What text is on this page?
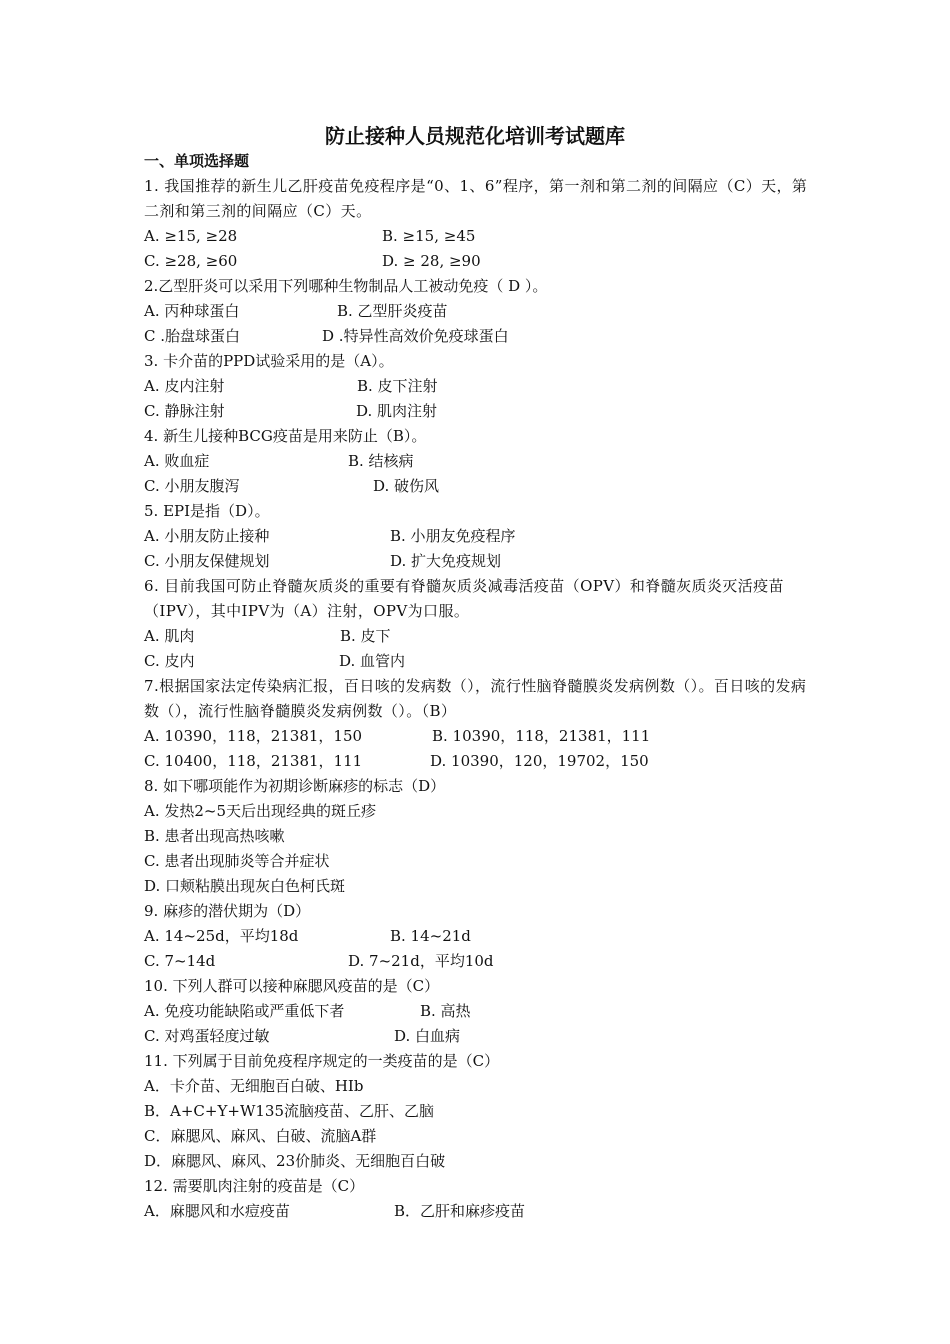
防止接种人员规范化培训考试题库
一、单项选择题
1. 我国推荐的新生儿乙肝疫苗免疫程序是“0、1、6”程序，第一剂和第二剂的间隔应（C）天，第二剂和第三剂的间隔应（C）天。
A. ≥15, ≥28	B. ≥15, ≥45
C. ≥28, ≥60	D. ≥ 28, ≥90
2.乙型肝炎可以采用下列哪种生物制品人工被动免疫（ D ）。
A. 丙种球蛋白	B. 乙型肝炎疫苗
C .胎盘球蛋白	D .特异性高效价免疫球蛋白
3. 卡介苗的PPD试验采用的是（A）。
A. 皮内注射	B. 皮下注射
C. 静脉注射	D. 肌肉注射
4. 新生儿接种BCG疫苗是用来防止（B）。
A. 败血症	B. 结核病
C. 小朋友腹泻	D. 破伤风
5. EPI是指（D）。
A. 小朋友防止接种	B. 小朋友免疫程序
C. 小朋友保健规划	D. 扩大免疫规划
6. 目前我国可防止脊髓灰质炎的重要有脊髓灰质炎减毒活疫苗（OPV）和脊髓灰质炎灭活疫苗（IPV），其中IPV为（A）注射，OPV为口服。
A. 肌肉	B. 皮下
C. 皮内	D. 血管内
7.根据国家法定传染病汇报，百日咳的发病数（），流行性脑脊髓膜炎发病例数（）。百日咳的发病数（），流行性脑脊髓膜炎发病例数（）。（B）
A. 10390，118，21381，150	B. 10390，118，21381，111
C. 10400，118，21381，111	D. 10390，120，19702，150
8. 如下哪项能作为初期诊断麻疹的标志（D）
A. 发热2~5天后出现经典的斑丘疹
B. 患者出现高热咳嗽
C. 患者出现肺炎等合并症状
D. 口颊粘膜出现灰白色柯氏斑
9. 麻疹的潜伏期为（D）
A. 14~25d，平均18d	B. 14~21d
C. 7~14d	D. 7~21d，平均10d
10. 下列人群可以接种麻腮风疫苗的是（C）
A. 免疫功能缺陷或严重低下者	B. 高热
C. 对鸡蛋轻度过敏	D. 白血病
11. 下列属于目前免疫程序规定的一类疫苗的是（C）
A．卡介苗、无细胞百白破、HIb
B．A+C+Y+W135流脑疫苗、乙肝、乙脑
C．麻腮风、麻风、白破、流脑A群
D．麻腮风、麻风、23价肺炎、无细胞百白破
12. 需要肌肉注射的疫苗是（C）
A．麻腮风和水痘疫苗	B．乙肝和麻疹疫苗
